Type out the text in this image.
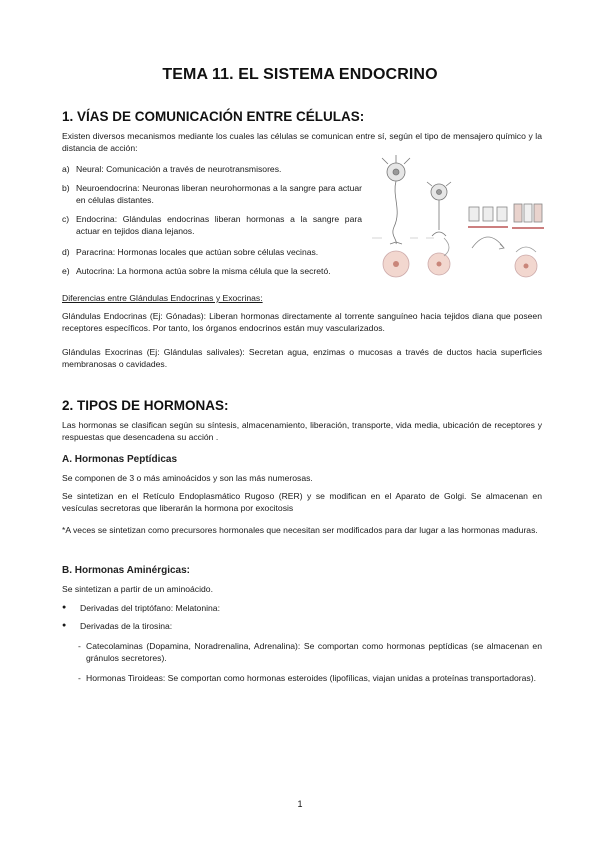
TEMA 11. EL SISTEMA ENDOCRINO
1. VÍAS DE COMUNICACIÓN ENTRE CÉLULAS:
Existen diversos mecanismos mediante los cuales las células se comunican entre sí, según el tipo de mensajero químico y la distancia de acción:
a) Neural: Comunicación a través de neurotransmisores.
b) Neuroendocrina: Neuronas liberan neurohormonas a la sangre para actuar en células distantes.
c) Endocrina: Glándulas endocrinas liberan hormonas a la sangre para actuar en tejidos diana lejanos.
d) Paracrina: Hormonas locales que actúan sobre células vecinas.
e) Autocrina: La hormona actúa sobre la misma célula que la secretó.
Diferencias entre Glándulas Endocrinas y Exocrinas:
Glándulas Endocrinas (Ej: Gónadas): Liberan hormonas directamente al torrente sanguíneo hacia tejidos diana que poseen receptores específicos. Por tanto, los órganos endocrinos están muy vascularizados.
Glándulas Exocrinas (Ej: Glándulas salivales): Secretan agua, enzimas o mucosas a través de ductos hacia superficies membranosas o cavidades.
2. TIPOS DE HORMONAS:
Las hormonas se clasifican según su síntesis, almacenamiento, liberación, transporte, vida media, ubicación de receptores y respuestas que desencadena su acción .
A. Hormonas Peptídicas
Se componen de 3 o más aminoácidos y son las más numerosas.
Se sintetizan en el Retículo Endoplasmático Rugoso (RER) y se modifican en el Aparato de Golgi. Se almacenan en vesículas secretoras que liberarán la hormona por exocitosis
*A veces se sintetizan como precursores hormonales que necesitan ser modificados para dar lugar a las hormonas maduras.
B. Hormonas Aminérgicas:
Se sintetizan a partir de un aminoácido.
● Derivadas del triptófano: Melatonina:
● Derivadas de la tirosina:
- Catecolaminas (Dopamina, Noradrenalina, Adrenalina): Se comportan como hormonas peptídicas (se almacenan en gránulos secretores).
- Hormonas Tiroideas: Se comportan como hormonas esteroides (lipofílicas, viajan unidas a proteínas transportadoras).
1
